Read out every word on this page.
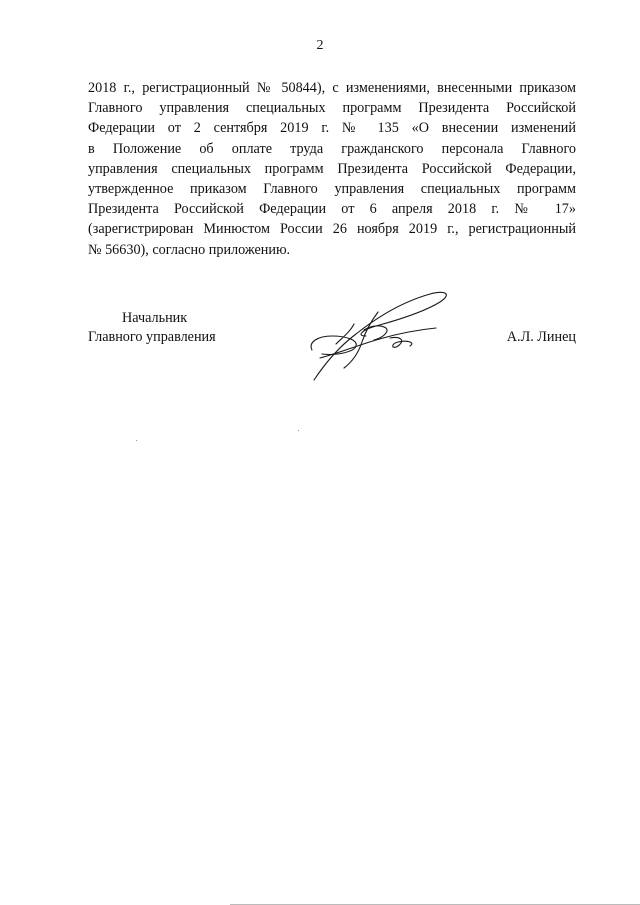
2

2018 г., регистрационный № 50844), с изменениями, внесенными приказом
Главного управления специальных программ Президента Российской
Федерации от 2 сентября 2019 г. № 135 «О внесении изменений
в Положение об оплате труда гражданского персонала Главного
управления специальных программ Президента Российской Федерации,
утвержденное приказом Главного управления специальных программ
Президента Российской Федерации от 6 апреля 2018 г. № 17»
(зарегистрирован Минюстом России 26 ноября 2019 г., регистрационный
№ 56630), согласно приложению.

Начальник
Главного управления	А.Л. Линец
